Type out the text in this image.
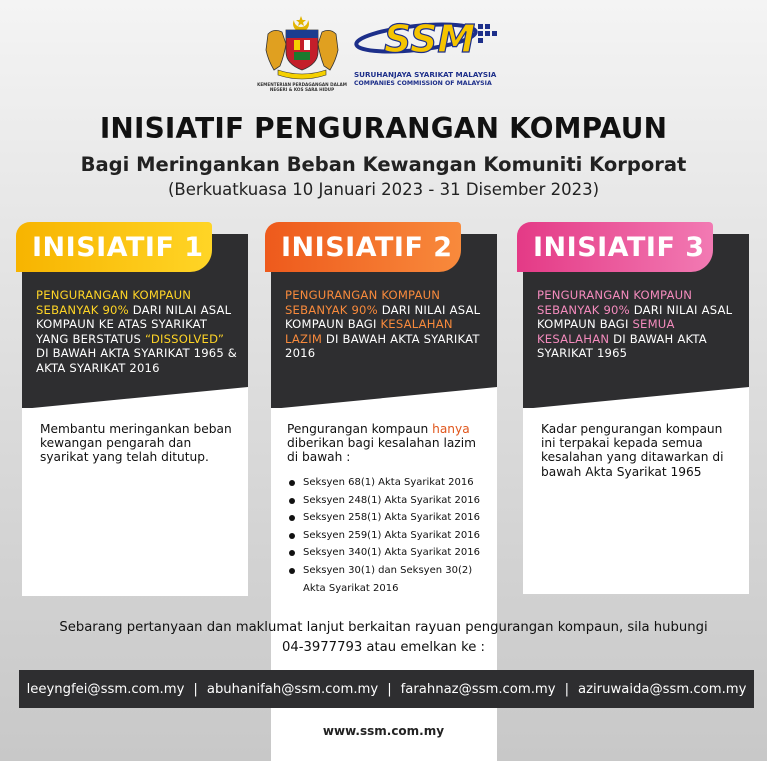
KEMENTERIAN PERDAGANGAN DALAM
NEGERI & KOS SARA HIDUP
SSM
SURUHANJAYA SYARIKAT MALAYSIA
COMPANIES COMMISSION OF MALAYSIA
INISIATIF PENGURANGAN KOMPAUN
Bagi Meringankan Beban Kewangan Komuniti Korporat
(Berkuatkuasa 10 Januari 2023 - 31 Disember 2023)
INISIATIF 1
PENGURANGAN KOMPAUN SEBANYAK 90% DARI NILAI ASAL KOMPAUN KE ATAS SYARIKAT YANG BERSTATUS “DISSOLVED” DI BAWAH AKTA SYARIKAT 1965 & AKTA SYARIKAT 2016
Membantu meringankan beban kewangan pengarah dan syarikat yang telah ditutup.
INISIATIF 2
PENGURANGAN KOMPAUN SEBANYAK 90% DARI NILAI ASAL KOMPAUN BAGI KESALAHAN LAZIM DI BAWAH AKTA SYARIKAT 2016
Pengurangan kompaun hanya diberikan bagi kesalahan lazim di bawah :
Seksyen 68(1) Akta Syarikat 2016
Seksyen 248(1) Akta Syarikat 2016
Seksyen 258(1) Akta Syarikat 2016
Seksyen 259(1) Akta Syarikat 2016
Seksyen 340(1) Akta Syarikat 2016
Seksyen 30(1) dan Seksyen 30(2) Akta Syarikat 2016
INISIATIF 3
PENGURANGAN KOMPAUN SEBANYAK 90% DARI NILAI ASAL KOMPAUN BAGI SEMUA KESALAHAN DI BAWAH AKTA SYARIKAT 1965
Kadar pengurangan kompaun ini terpakai kepada semua kesalahan yang ditawarkan di bawah Akta Syarikat 1965
Sebarang pertanyaan dan maklumat lanjut berkaitan rayuan pengurangan kompaun, sila hubungi
04-3977793 atau emelkan ke :
leeyngfei@ssm.com.my | abuhanifah@ssm.com.my | farahnaz@ssm.com.my | aziruwaida@ssm.com.my
www.ssm.com.my
